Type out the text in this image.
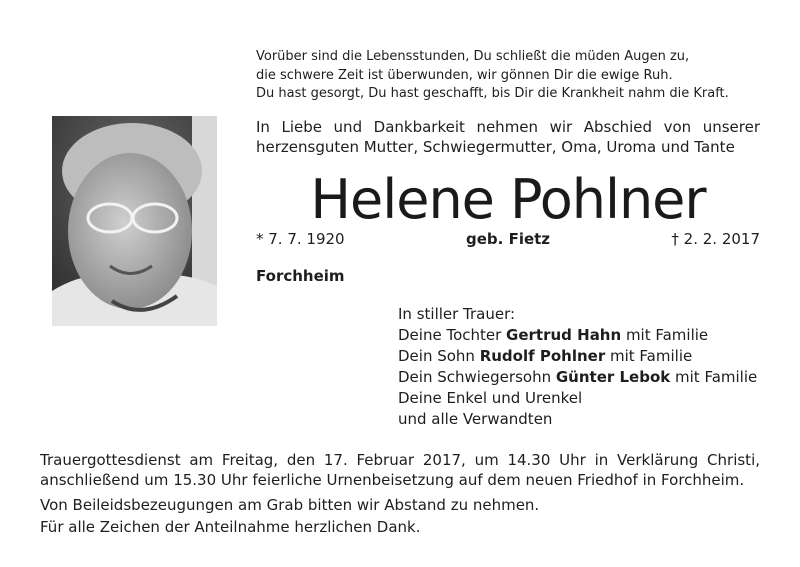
Vorüber sind die Lebensstunden, Du schließt die müden Augen zu,
die schwere Zeit ist überwunden, wir gönnen Dir die ewige Ruh.
Du hast gesorgt, Du hast geschafft, bis Dir die Krankheit nahm die Kraft.
In Liebe und Dankbarkeit nehmen wir Abschied von unserer
herzensguten Mutter, Schwiegermutter, Oma, Uroma und Tante
Helene Pohlner
* 7. 7. 1920	geb. Fietz	† 2. 2. 2017
Forchheim
In stiller Trauer:
Deine Tochter Gertrud Hahn mit Familie
Dein Sohn Rudolf Pohlner mit Familie
Dein Schwiegersohn Günter Lebok mit Familie
Deine Enkel und Urenkel
und alle Verwandten
Trauergottesdienst am Freitag, den 17. Februar 2017, um 14.30 Uhr in Verklärung Christi,
anschließend um 15.30 Uhr feierliche Urnenbeisetzung auf dem neuen Friedhof in Forchheim.
Von Beileidsbezeugungen am Grab bitten wir Abstand zu nehmen.
Für alle Zeichen der Anteilnahme herzlichen Dank.
